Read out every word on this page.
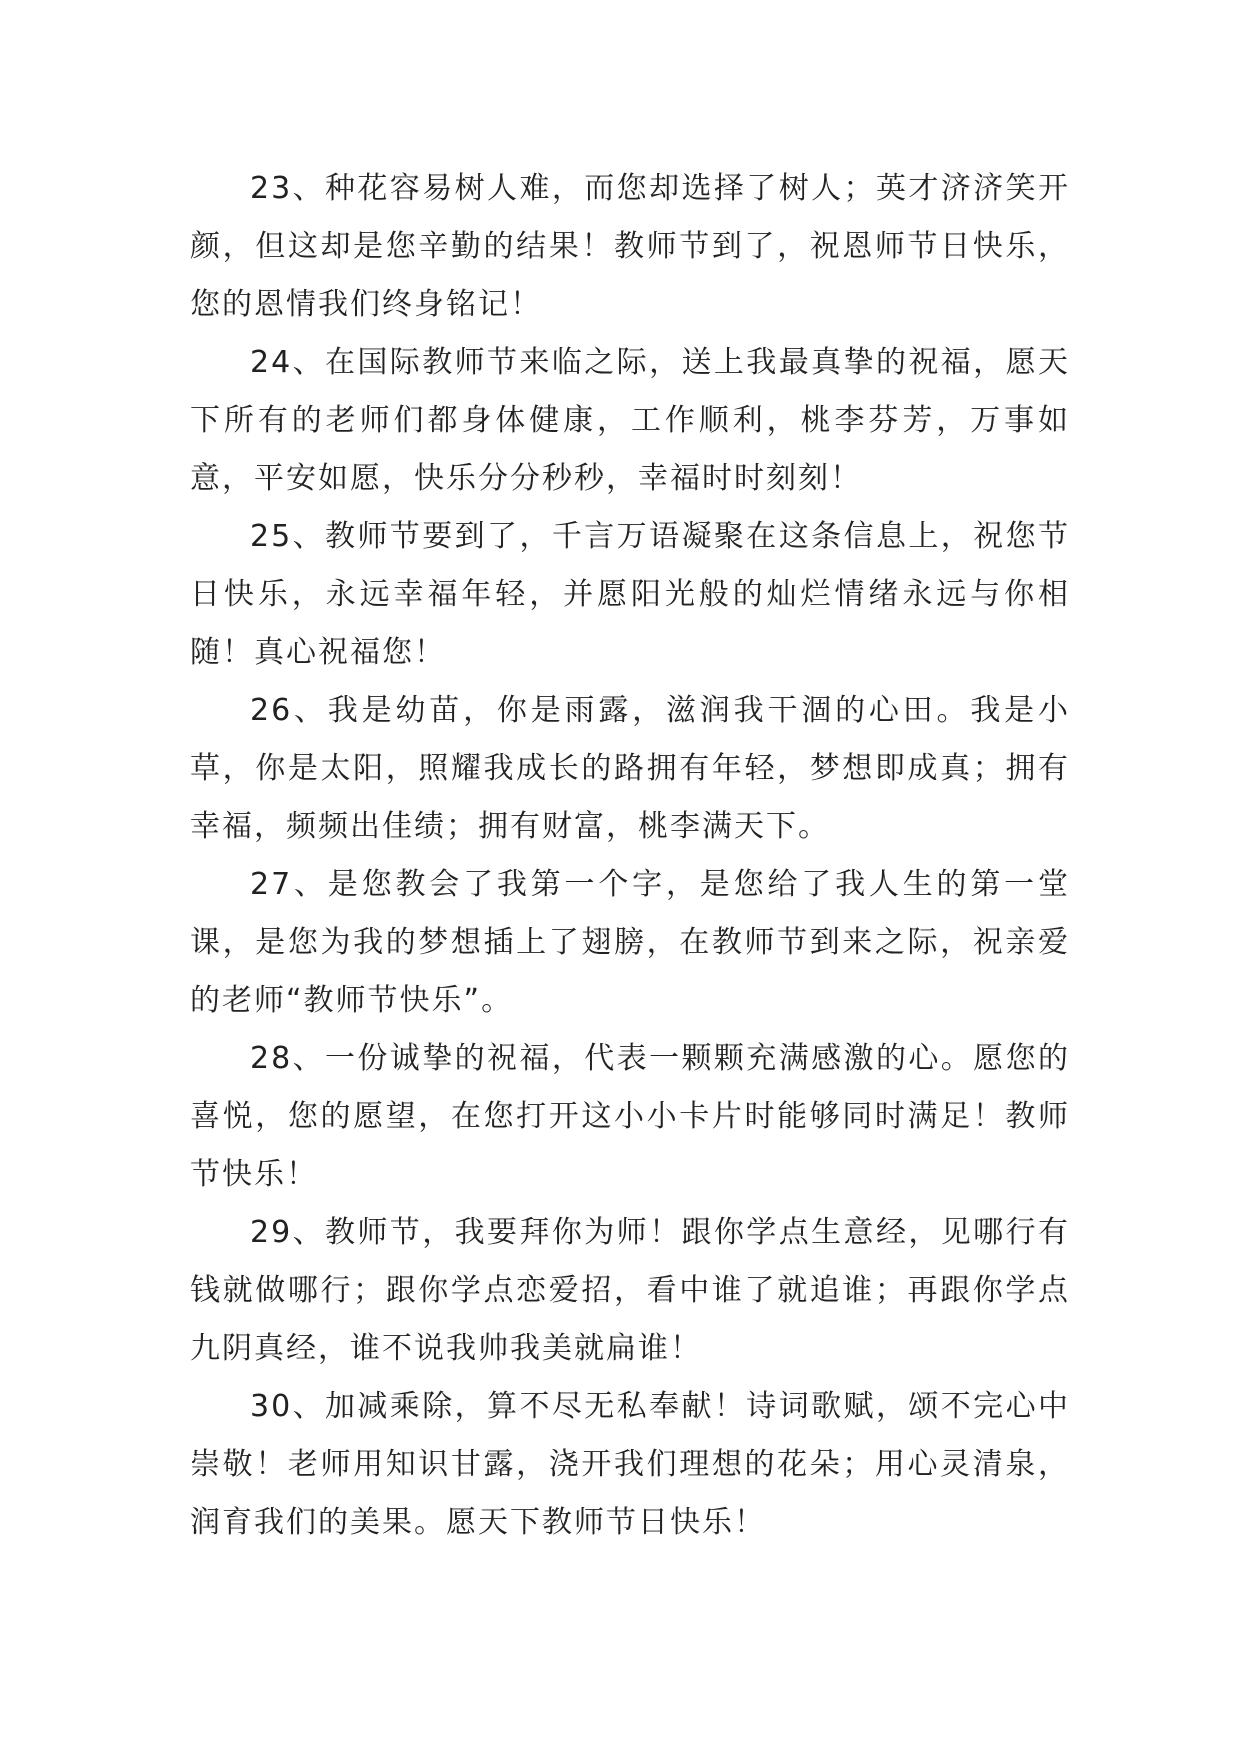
23、种花容易树人难，而您却选择了树人；英才济济笑开颜，但这却是您辛勤的结果！教师节到了，祝恩师节日快乐，您的恩情我们终身铭记！

24、在国际教师节来临之际，送上我最真挚的祝福，愿天下所有的老师们都身体健康，工作顺利，桃李芬芳，万事如意，平安如愿，快乐分分秒秒，幸福时时刻刻！

25、教师节要到了，千言万语凝聚在这条信息上，祝您节日快乐，永远幸福年轻，并愿阳光般的灿烂情绪永远与你相随！真心祝福您！

26、我是幼苗，你是雨露，滋润我干涸的心田。我是小草，你是太阳，照耀我成长的路拥有年轻，梦想即成真；拥有幸福，频频出佳绩；拥有财富，桃李满天下。

27、是您教会了我第一个字，是您给了我人生的第一堂课，是您为我的梦想插上了翅膀，在教师节到来之际，祝亲爱的老师“教师节快乐”。

28、一份诚挚的祝福，代表一颗颗充满感激的心。愿您的喜悦，您的愿望，在您打开这小小卡片时能够同时满足！教师节快乐！

29、教师节，我要拜你为师！跟你学点生意经，见哪行有钱就做哪行；跟你学点恋爱招，看中谁了就追谁；再跟你学点九阴真经，谁不说我帅我美就扁谁！

30、加减乘除，算不尽无私奉献！诗词歌赋，颂不完心中崇敬！老师用知识甘露，浇开我们理想的花朵；用心灵清泉，润育我们的美果。愿天下教师节日快乐！
